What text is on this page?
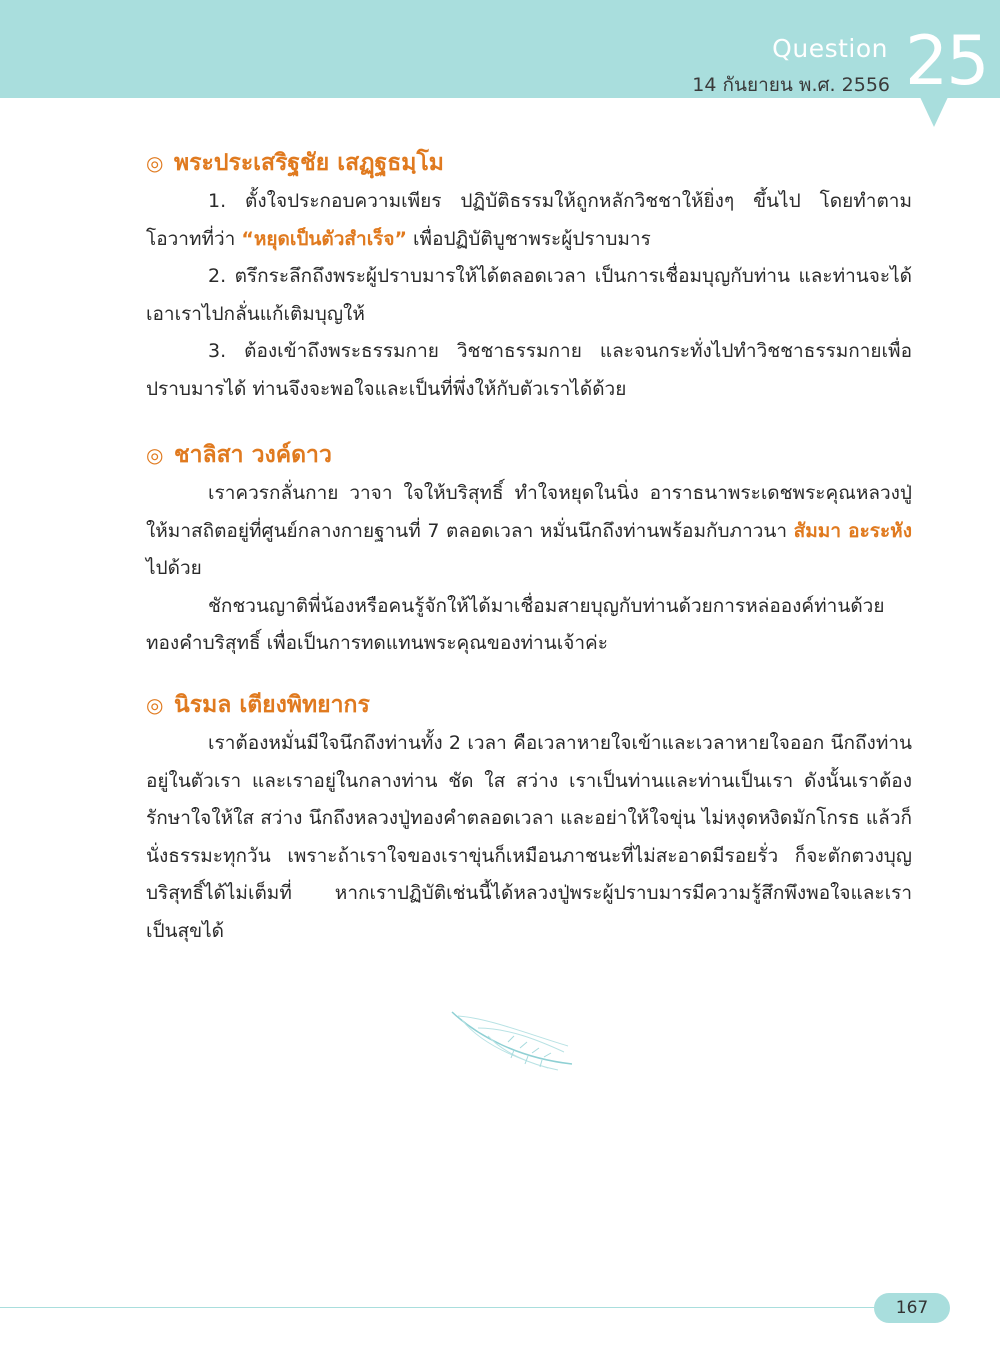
Question
14 กันยายน พ.ศ. 2556 25
◎ พระประเสริฐชัย เสฏฺฐธมฺโม

1. ตั้งใจประกอบความเพียร ปฏิบัติธรรมให้ถูกหลักวิชชาให้ยิ่งๆ ขึ้นไป โดยทำตามโอวาทที่ว่า “หยุดเป็นตัวสำเร็จ” เพื่อปฏิบัติบูชาพระผู้ปราบมาร

2. ตรึกระลึกถึงพระผู้ปราบมารให้ได้ตลอดเวลา เป็นการเชื่อมบุญกับท่าน และท่านจะได้เอาเราไปกลั่นแก้เติมบุญให้

3. ต้องเข้าถึงพระธรรมกาย วิชชาธรรมกาย และจนกระทั่งไปทำวิชชาธรรมกายเพื่อปราบมารได้ ท่านจึงจะพอใจและเป็นที่พึ่งให้กับตัวเราได้ด้วย

◎ ชาลิสา วงค์ดาว

เราควรกลั่นกาย วาจา ใจให้บริสุทธิ์ ทำใจหยุดในนิ่ง อาราธนาพระเดชพระคุณหลวงปู่ให้มาสถิตอยู่ที่ศูนย์กลางกายฐานที่ 7 ตลอดเวลา หมั่นนึกถึงท่านพร้อมกับภาวนา สัมมา อะระหังไปด้วย

ชักชวนญาติพี่น้องหรือคนรู้จักให้ได้มาเชื่อมสายบุญกับท่านด้วยการหล่อองค์ท่านด้วยทองคำบริสุทธิ์ เพื่อเป็นการทดแทนพระคุณของท่านเจ้าค่ะ

◎ นิรมล เตียงพิทยากร

เราต้องหมั่นมีใจนึกถึงท่านทั้ง 2 เวลา คือเวลาหายใจเข้าและเวลาหายใจออก นึกถึงท่านอยู่ในตัวเรา และเราอยู่ในกลางท่าน ชัด ใส สว่าง เราเป็นท่านและท่านเป็นเรา ดังนั้นเราต้องรักษาใจให้ใส สว่าง นึกถึงหลวงปู่ทองคำตลอดเวลา และอย่าให้ใจขุ่น ไม่หงุดหงิดมักโกรธ แล้วก็นั่งธรรมะทุกวัน เพราะถ้าเราใจของเราขุ่นก็เหมือนภาชนะที่ไม่สะอาดมีรอยรั่ว ก็จะตักตวงบุญบริสุทธิ์ได้ไม่เต็มที่ หากเราปฏิบัติเช่นนี้ได้หลวงปู่พระผู้ปราบมารมีความรู้สึกพึงพอใจและเราเป็นสุขได้

167
